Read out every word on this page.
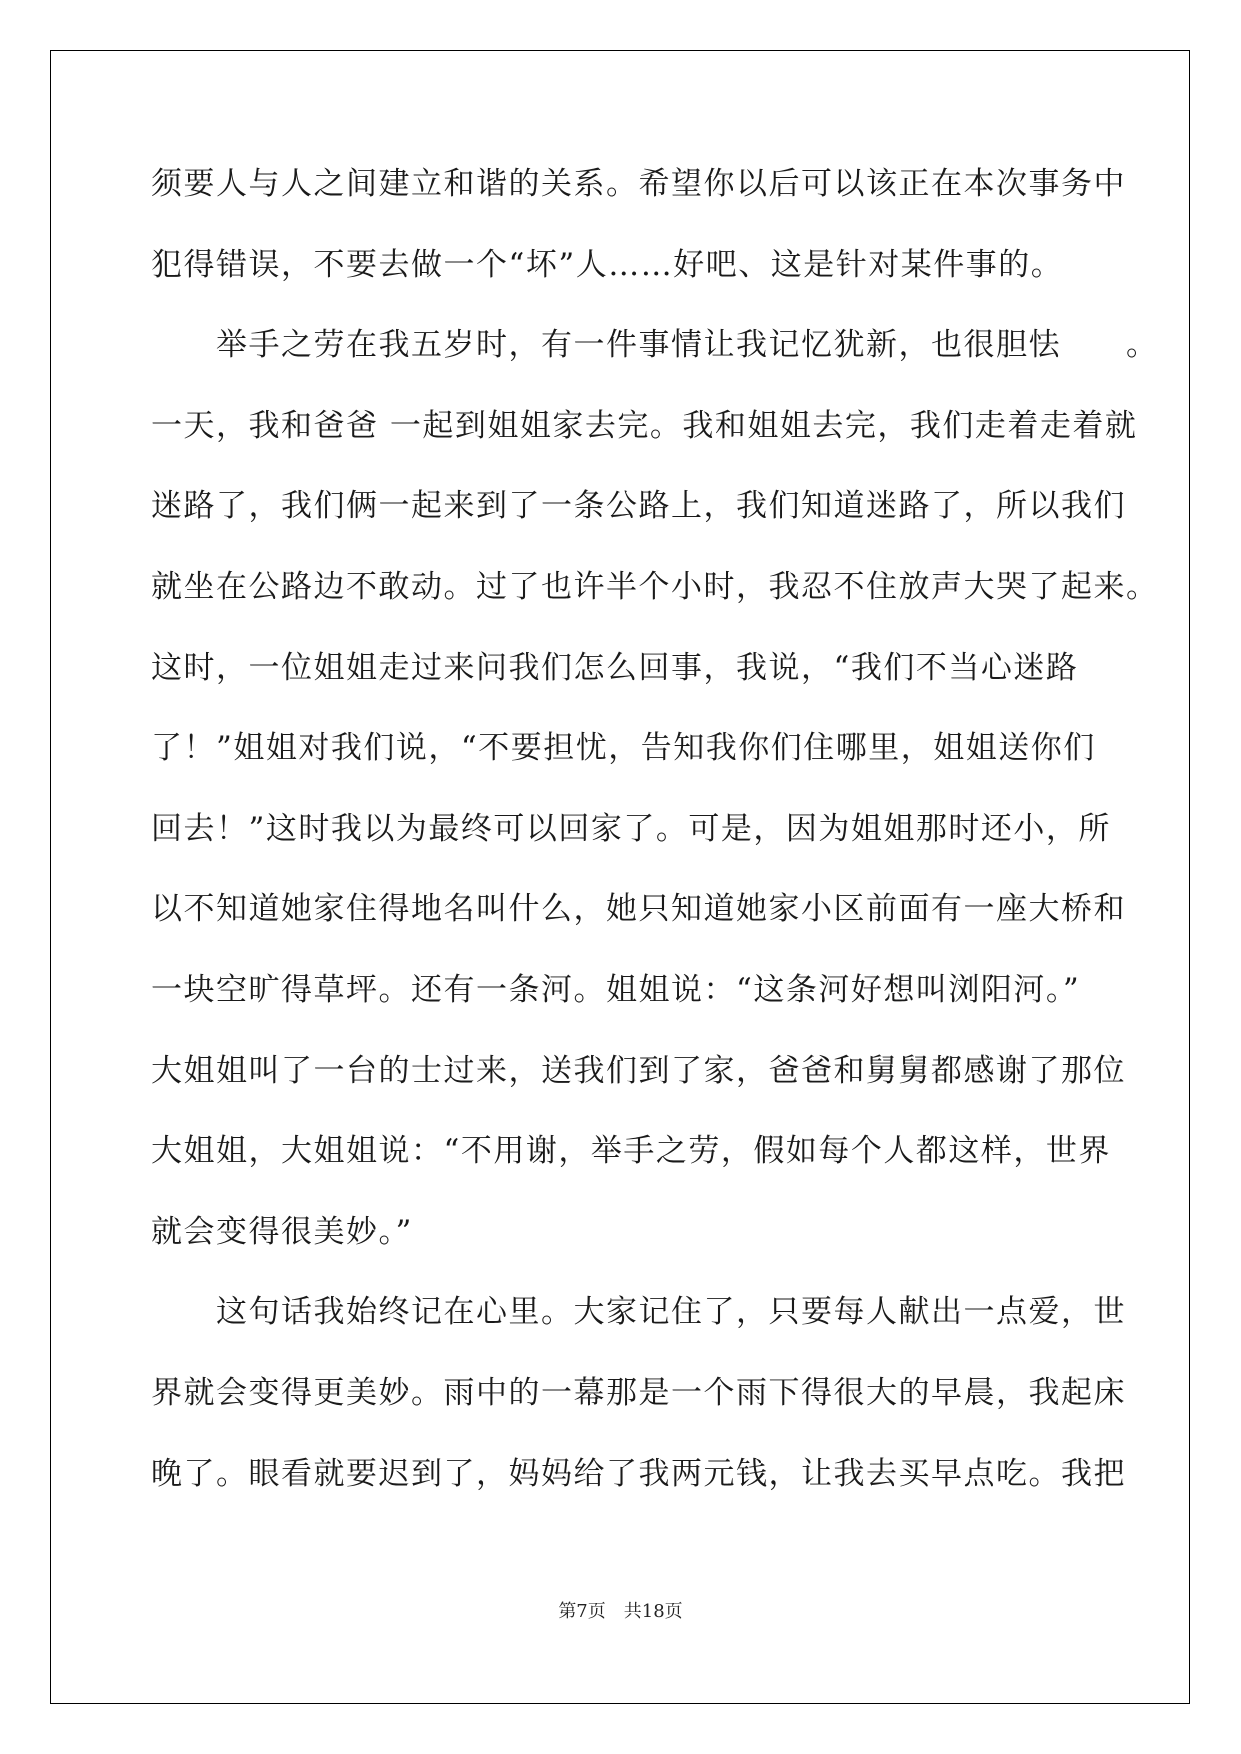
须要人与人之间建立和谐的关系。希望你以后可以该正在本次事务中
犯得错误，不要去做一个“坏”人……好吧、这是针对某件事的。
　　举手之劳在我五岁时，有一件事情让我记忆犹新，也很胆怯　　。
一天，我和爸爸 一起到姐姐家去完。我和姐姐去完，我们走着走着就
迷路了，我们俩一起来到了一条公路上，我们知道迷路了，所以我们
就坐在公路边不敢动。过了也许半个小时，我忍不住放声大哭了起来。
这时，一位姐姐走过来问我们怎么回事，我说，“我们不当心迷路
了！”姐姐对我们说，“不要担忧，告知我你们住哪里，姐姐送你们
回去！”这时我以为最终可以回家了。可是，因为姐姐那时还小，所
以不知道她家住得地名叫什么，她只知道她家小区前面有一座大桥和
一块空旷得草坪。还有一条河。姐姐说：“这条河好想叫浏阳河。”
大姐姐叫了一台的士过来，送我们到了家，爸爸和舅舅都感谢了那位
大姐姐，大姐姐说：“不用谢，举手之劳，假如每个人都这样，世界
就会变得很美妙。”
　　这句话我始终记在心里。大家记住了，只要每人献出一点爱，世
界就会变得更美妙。雨中的一幕那是一个雨下得很大的早晨，我起床
晚了。眼看就要迟到了，妈妈给了我两元钱，让我去买早点吃。我把
第7页　共18页
